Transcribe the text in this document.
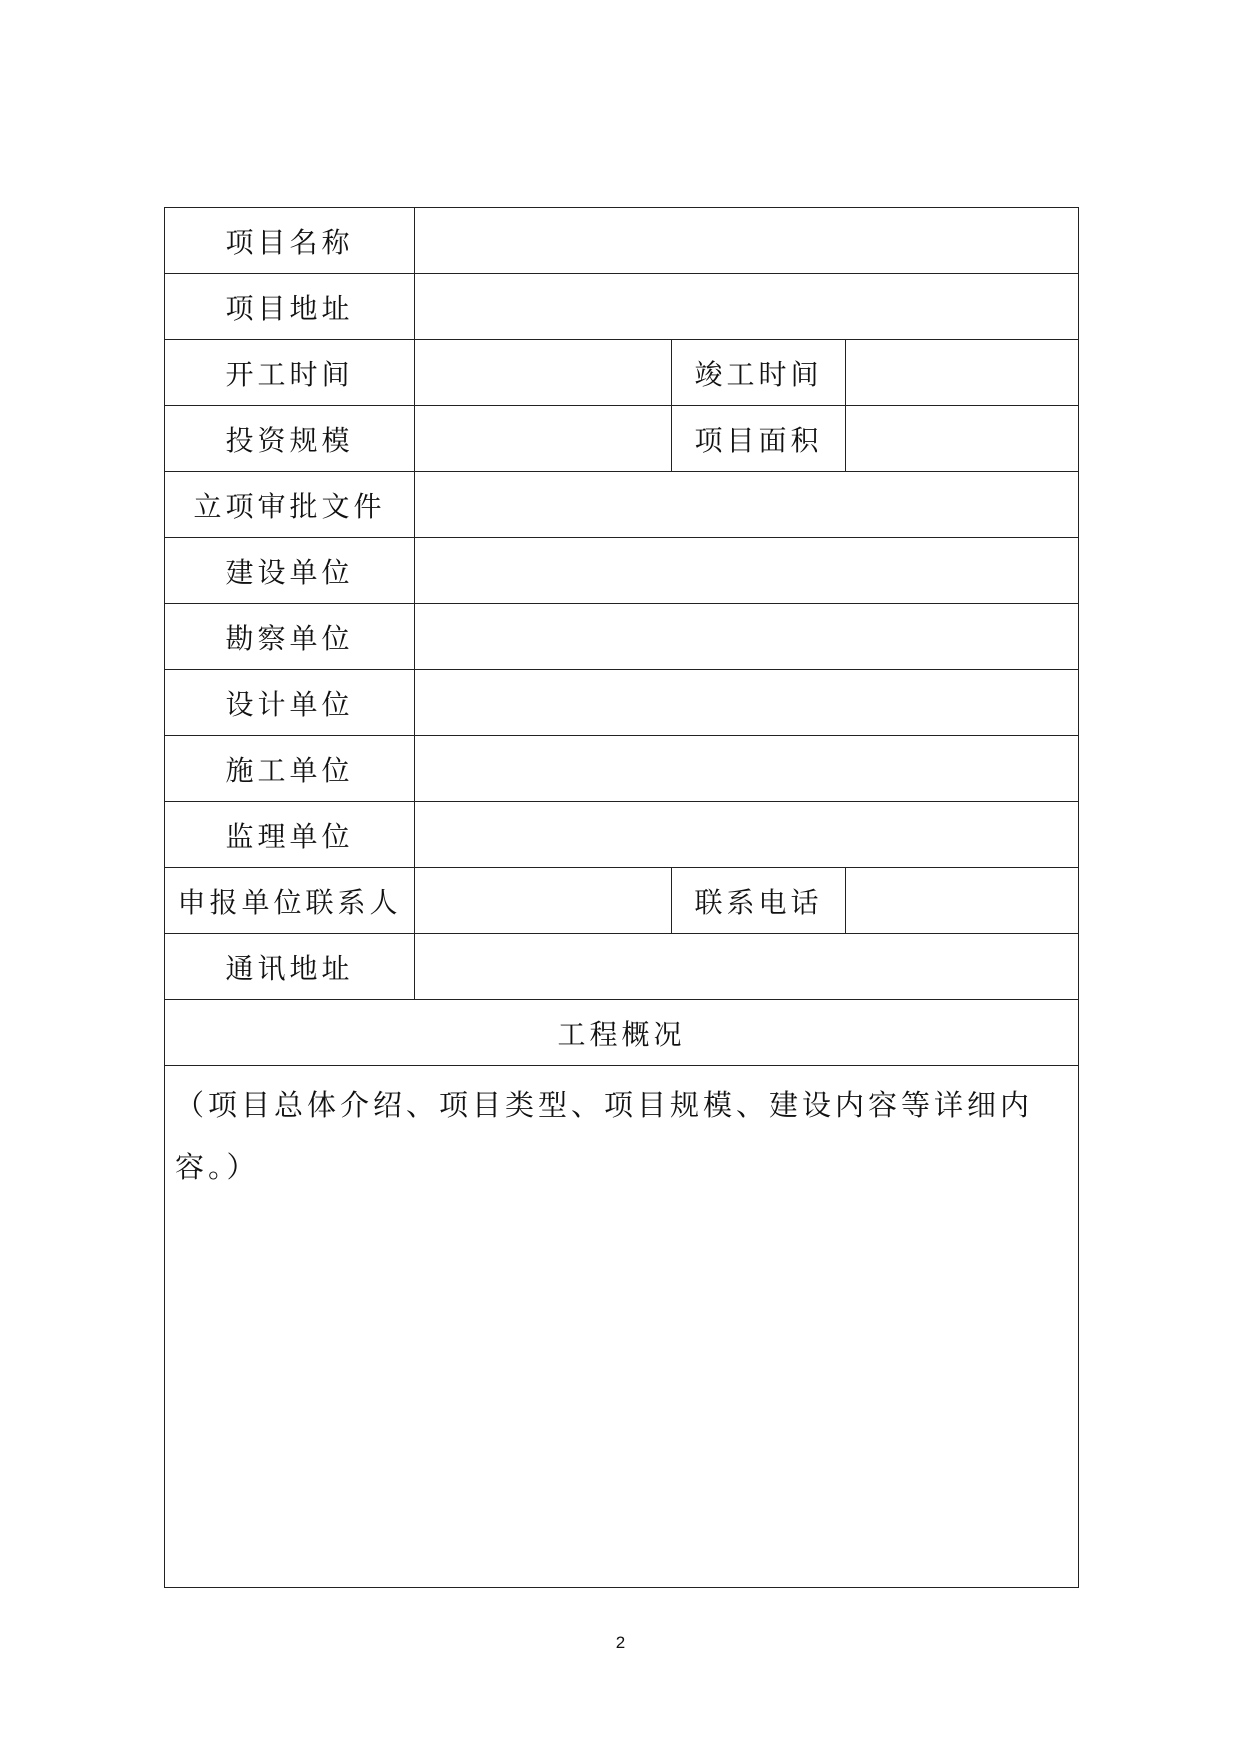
项目名称			
项目地址			
开工时间		竣工时间	
投资规模		项目面积	
立项审批文件			
建设单位			
勘察单位			
设计单位			
施工单位			
监理单位			
申报单位联系人		联系电话	
通讯地址			
工程概况			
（项目总体介绍、项目类型、项目规模、建设内容等详细内容。）			
2
